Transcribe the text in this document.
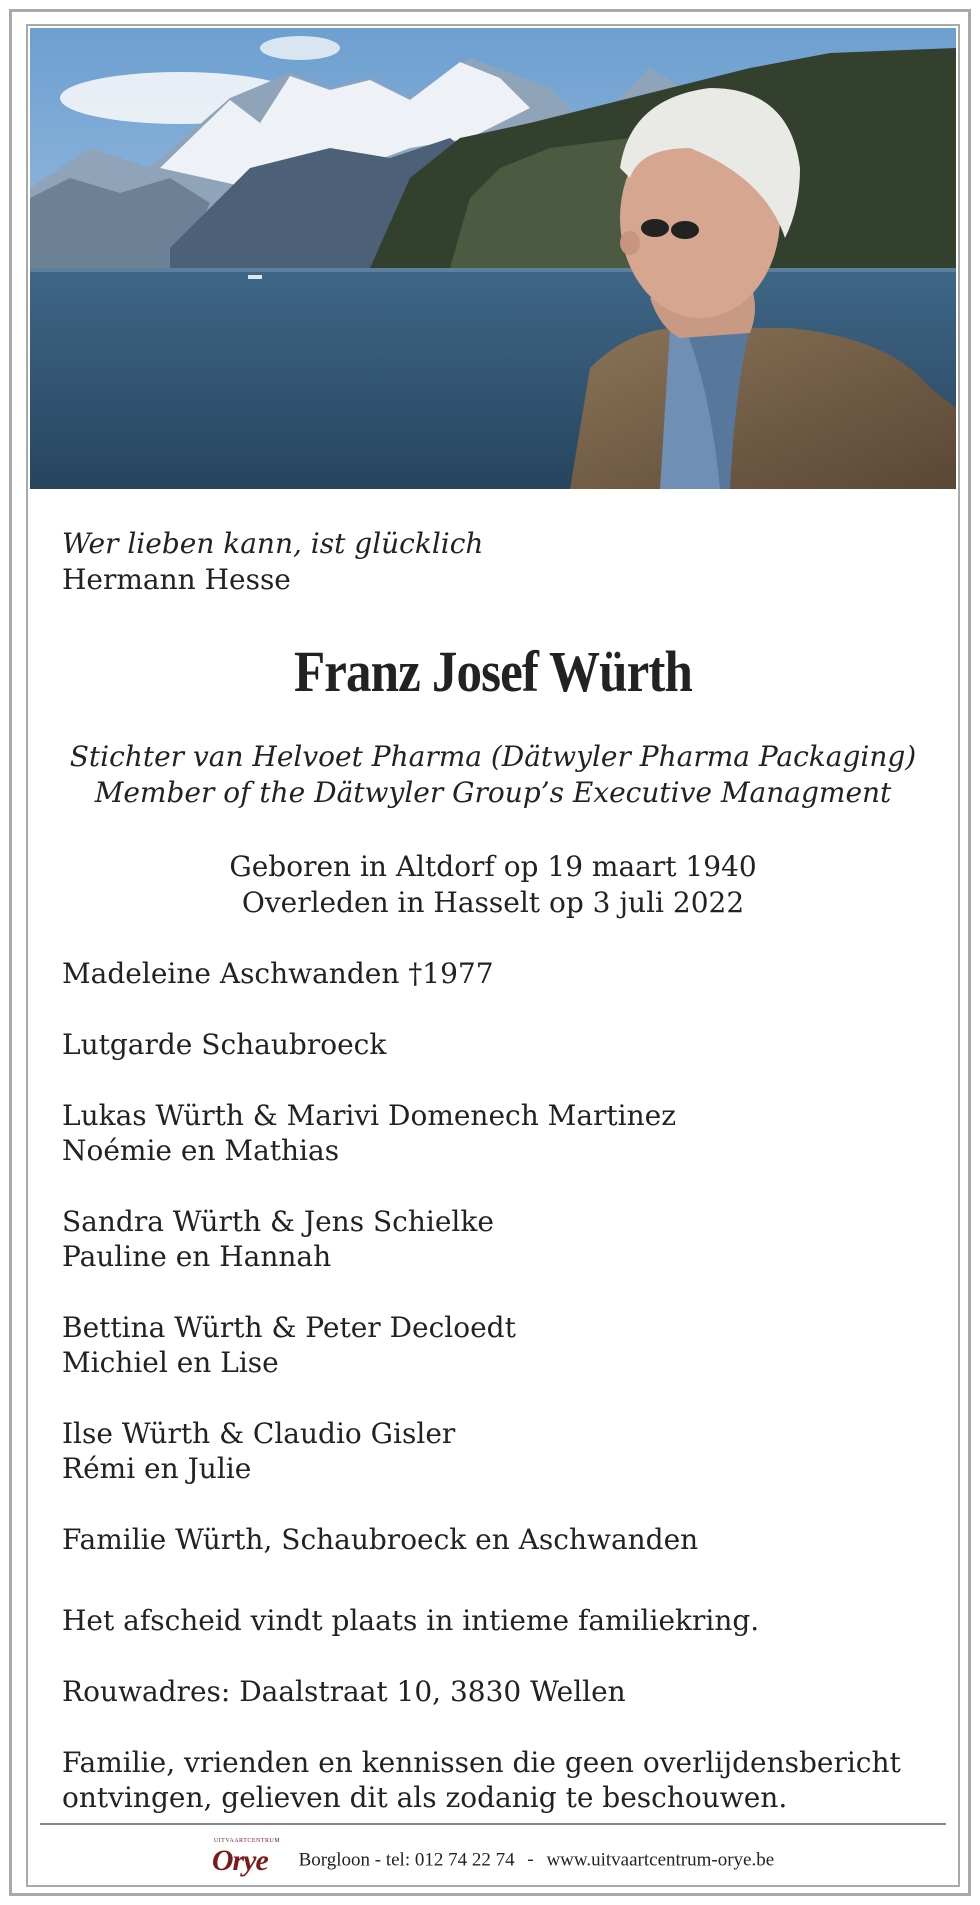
Wer lieben kann, ist glücklich
Hermann Hesse
Franz Josef Würth
Stichter van Helvoet Pharma (Dätwyler Pharma Packaging)
Member of the Dätwyler Group’s Executive Managment
Geboren in Altdorf op 19 maart 1940
Overleden in Hasselt op 3 juli 2022
Madeleine Aschwanden †1977
Lutgarde Schaubroeck
Lukas Würth & Marivi Domenech Martinez
Noémie en Mathias
Sandra Würth & Jens Schielke
Pauline en Hannah
Bettina Würth & Peter Decloedt
Michiel en Lise
Ilse Würth & Claudio Gisler
Rémi en Julie
Familie Würth, Schaubroeck en Aschwanden
Het afscheid vindt plaats in intieme familiekring.
Rouwadres: Daalstraat 10, 3830 Wellen
Familie, vrienden en kennissen die geen overlijdensbericht
ontvingen, gelieven dit als zodanig te beschouwen.
UITVAARTCENTRUM
Orye Borgloon - tel: 012 74 22 74 - www.uitvaartcentrum-orye.be
